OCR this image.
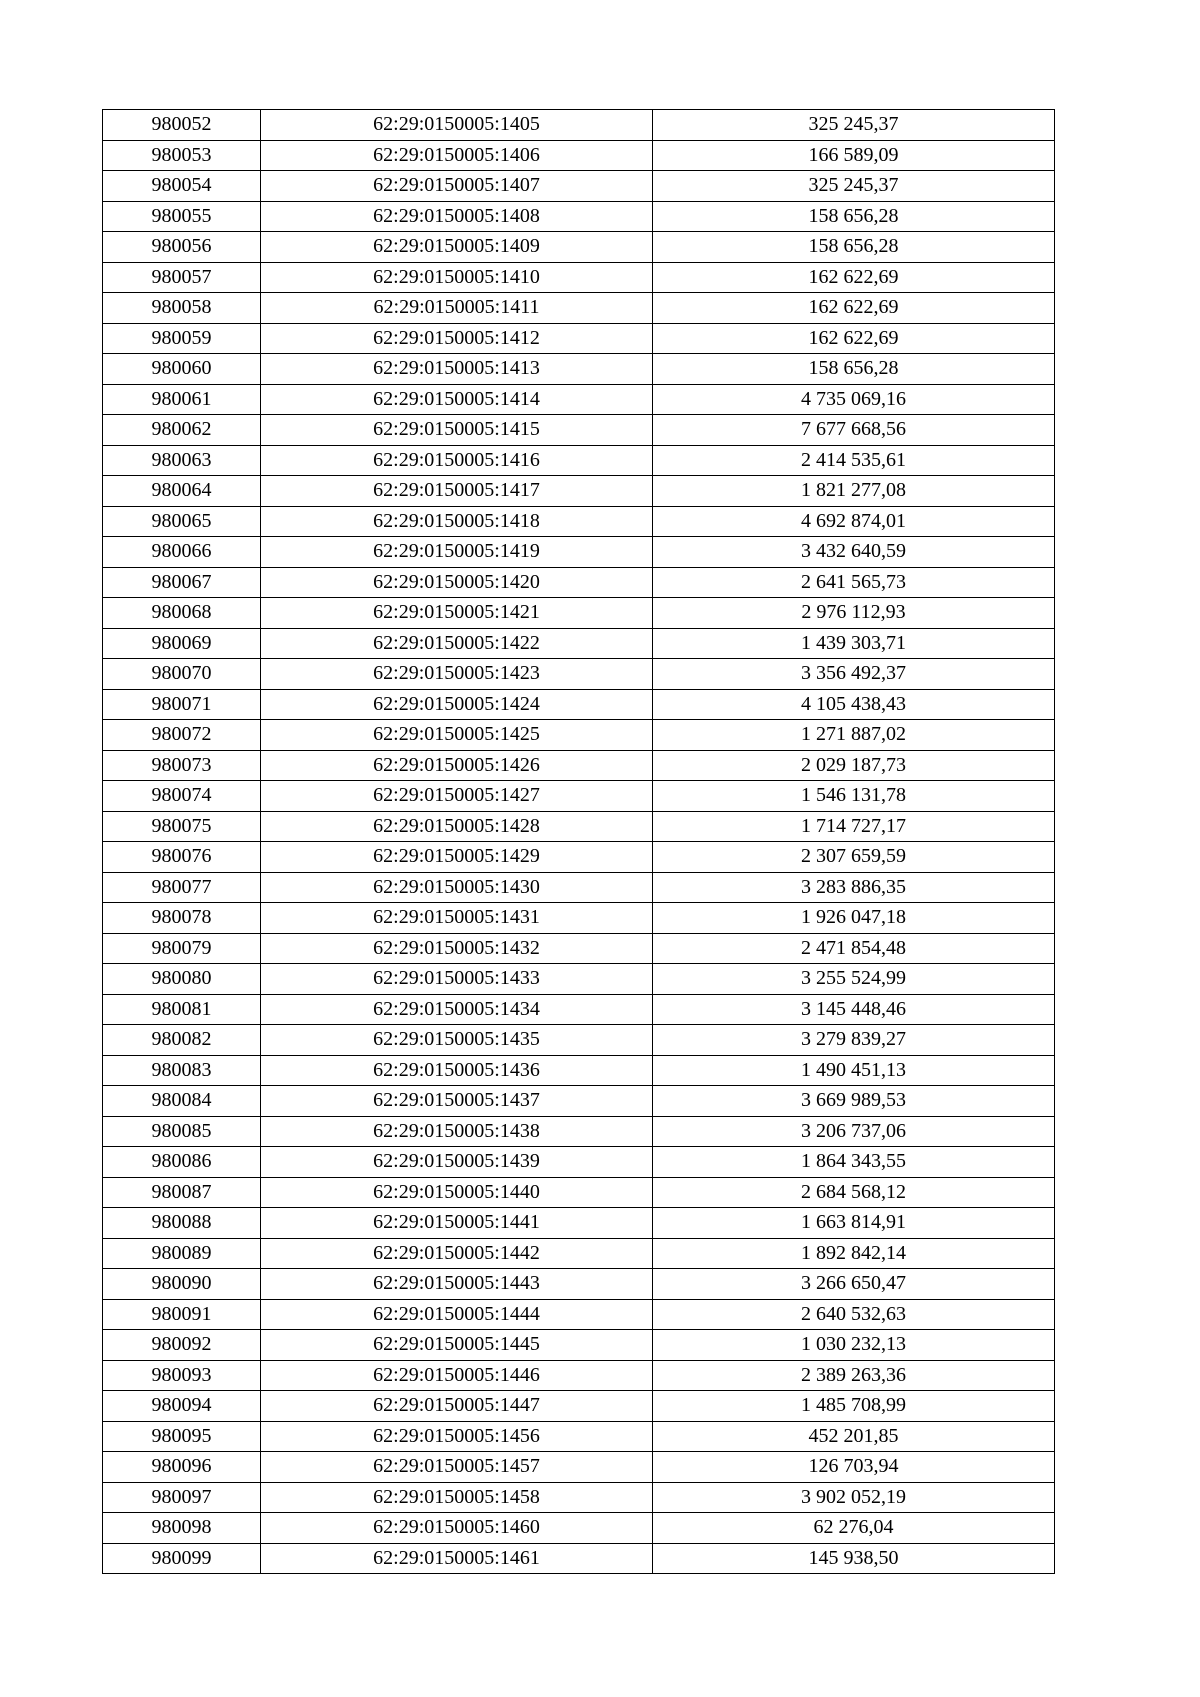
980052	62:29:0150005:1405	325 245,37
980053	62:29:0150005:1406	166 589,09
980054	62:29:0150005:1407	325 245,37
980055	62:29:0150005:1408	158 656,28
980056	62:29:0150005:1409	158 656,28
980057	62:29:0150005:1410	162 622,69
980058	62:29:0150005:1411	162 622,69
980059	62:29:0150005:1412	162 622,69
980060	62:29:0150005:1413	158 656,28
980061	62:29:0150005:1414	4 735 069,16
980062	62:29:0150005:1415	7 677 668,56
980063	62:29:0150005:1416	2 414 535,61
980064	62:29:0150005:1417	1 821 277,08
980065	62:29:0150005:1418	4 692 874,01
980066	62:29:0150005:1419	3 432 640,59
980067	62:29:0150005:1420	2 641 565,73
980068	62:29:0150005:1421	2 976 112,93
980069	62:29:0150005:1422	1 439 303,71
980070	62:29:0150005:1423	3 356 492,37
980071	62:29:0150005:1424	4 105 438,43
980072	62:29:0150005:1425	1 271 887,02
980073	62:29:0150005:1426	2 029 187,73
980074	62:29:0150005:1427	1 546 131,78
980075	62:29:0150005:1428	1 714 727,17
980076	62:29:0150005:1429	2 307 659,59
980077	62:29:0150005:1430	3 283 886,35
980078	62:29:0150005:1431	1 926 047,18
980079	62:29:0150005:1432	2 471 854,48
980080	62:29:0150005:1433	3 255 524,99
980081	62:29:0150005:1434	3 145 448,46
980082	62:29:0150005:1435	3 279 839,27
980083	62:29:0150005:1436	1 490 451,13
980084	62:29:0150005:1437	3 669 989,53
980085	62:29:0150005:1438	3 206 737,06
980086	62:29:0150005:1439	1 864 343,55
980087	62:29:0150005:1440	2 684 568,12
980088	62:29:0150005:1441	1 663 814,91
980089	62:29:0150005:1442	1 892 842,14
980090	62:29:0150005:1443	3 266 650,47
980091	62:29:0150005:1444	2 640 532,63
980092	62:29:0150005:1445	1 030 232,13
980093	62:29:0150005:1446	2 389 263,36
980094	62:29:0150005:1447	1 485 708,99
980095	62:29:0150005:1456	452 201,85
980096	62:29:0150005:1457	126 703,94
980097	62:29:0150005:1458	3 902 052,19
980098	62:29:0150005:1460	62 276,04
980099	62:29:0150005:1461	145 938,50
